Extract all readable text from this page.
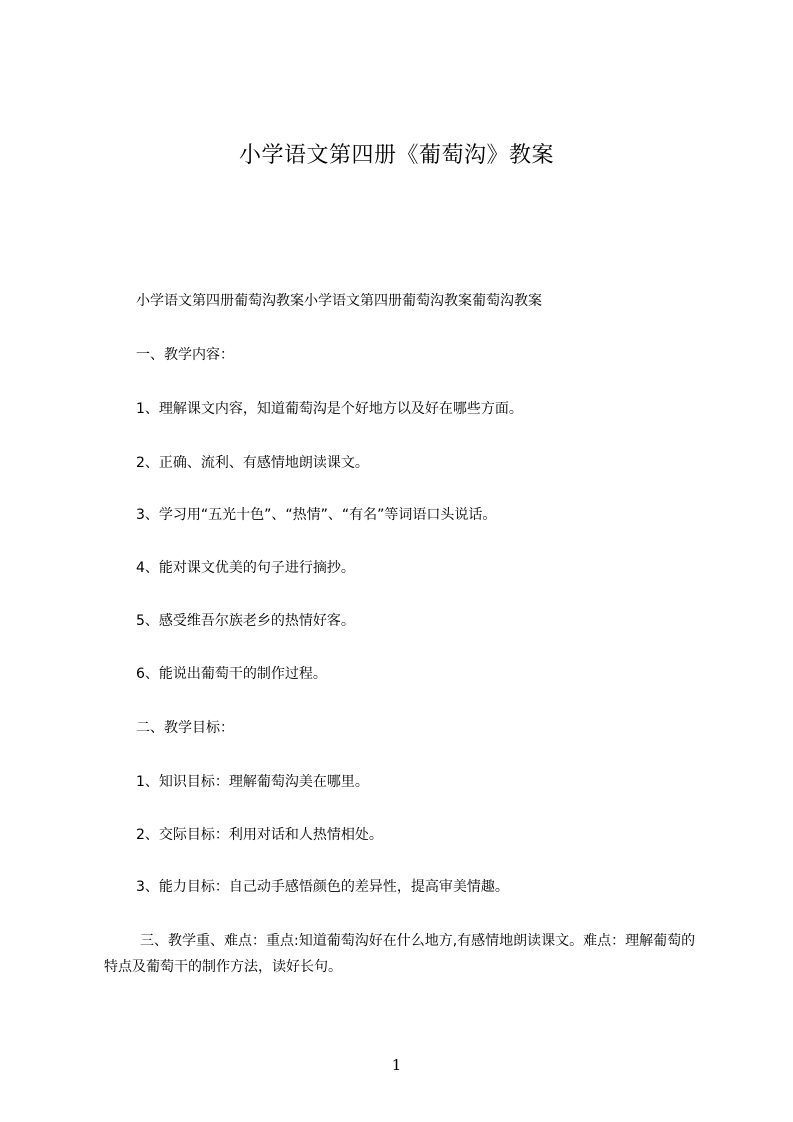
小学语文第四册《葡萄沟》教案
小学语文第四册葡萄沟教案小学语文第四册葡萄沟教案葡萄沟教案
一、教学内容：
1、理解课文内容，知道葡萄沟是个好地方以及好在哪些方面。
2、正确、流利、有感情地朗读课文。
3、学习用“五光十色”、“热情”、“有名”等词语口头说话。
4、能对课文优美的句子进行摘抄。
5、感受维吾尔族老乡的热情好客。
6、能说出葡萄干的制作过程。
二、教学目标：
1、知识目标：理解葡萄沟美在哪里。
2、交际目标：利用对话和人热情相处。
3、能力目标：自己动手感悟颜色的差异性，提高审美情趣。
三、教学重、难点：重点:知道葡萄沟好在什么地方,有感情地朗读课文。难点：理解葡萄的特点及葡萄干的制作方法，读好长句。
1
